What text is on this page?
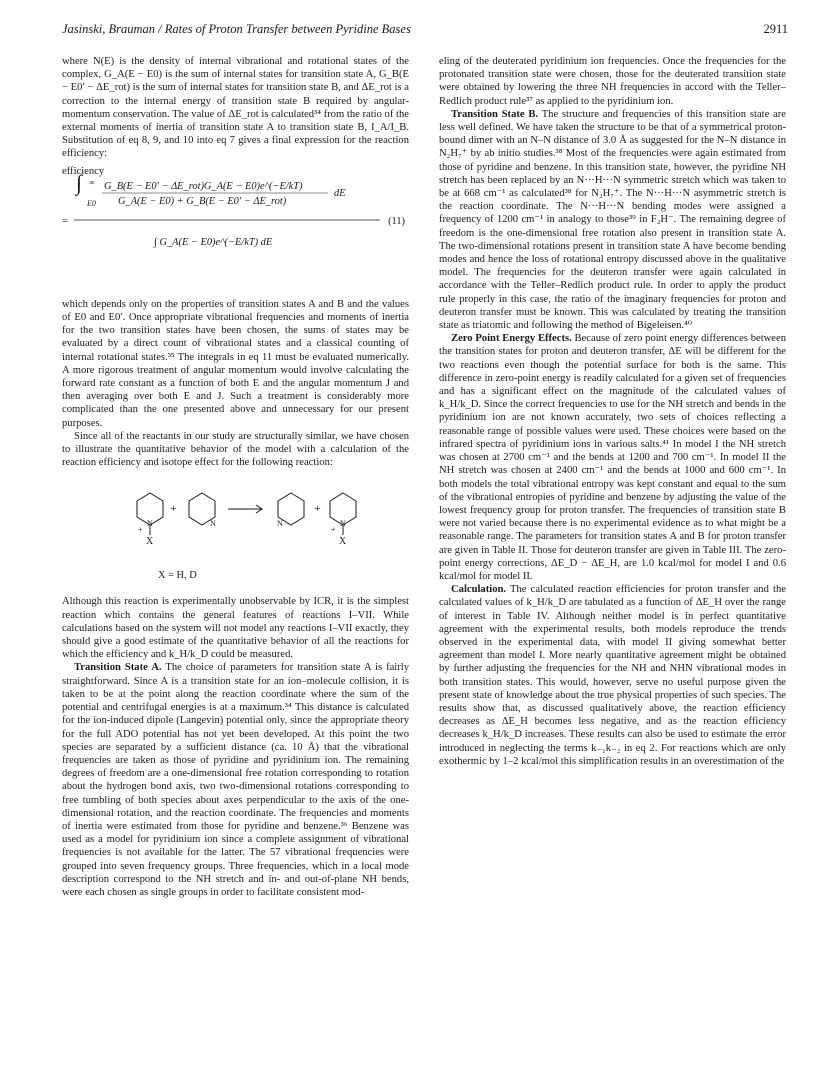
Jasinski, Brauman / Rates of Proton Transfer between Pyridine Bases	2911

where N(E) is the density of internal vibrational and rotational states of the complex, G_A(E − E0) is the sum of internal states for transition state A, G_B(E − E0′ − ΔE_rot) is the sum of internal states for transition state B, and ΔE_rot is a correction to the internal energy of transition state B required by angular-momentum conservation. The value of ΔE_rot is calculated³⁴ from the ratio of the external moments of inertia of transition state A to transition state B, I_A/I_B. Substitution of eq 8, 9, and 10 into eq 7 gives a final expression for the reaction efficiency:

efficiency
=
∫ ∞
E0
G_B(E − E0′ − ΔE_rot)G_A(E − E0)e^(−E/kT)
G_A(E − E0) + G_B(E − E0′ − ΔE_rot)
dE
∫ G_A(E − E0)e^(−E/kT) dE
(11)

which depends only on the properties of transition states A and B and the values of E0 and E0′. Once appropriate vibrational frequencies and moments of inertia for the two transition states have been chosen, the sums of states may be evaluated by a direct count of vibrational states and a classical counting of internal rotational states.³⁵ The integrals in eq 11 must be evaluated numerically. A more rigorous treatment of angular momentum would involve calculating the forward rate constant as a function of both E and the angular momentum J and then averaging over both E and J. Such a treatment is considerably more complicated than the one presented above and unnecessary for our present purposes.

Since all of the reactants in our study are structurally similar, we have chosen to illustrate the quantitative behavior of the model with a calculation of the reaction efficiency and isotope effect for the following reaction:

+	+
N	N	N	N
+	+
X	X
X = H, D

Although this reaction is experimentally unobservable by ICR, it is the simplest reaction which contains the general features of reactions I–VII. While calculations based on the system will not model any reactions I–VII exactly, they should give a good estimate of the quantitative behavior of all the reactions for which the efficiency and k_H/k_D could be measured.

Transition State A. The choice of parameters for transition state A is fairly straightforward. Since A is a transition state for an ion–molecule collision, it is taken to be at the point along the reaction coordinate where the sum of the potential and centrifugal energies is at a maximum.³⁴ This distance is calculated for the ion-induced dipole (Langevin) potential only, since the appropriate theory for the full ADO potential has not yet been developed. At this point the two species are separated by a sufficient distance (ca. 10 Å) that the vibrational frequencies are taken as those of pyridine and pyridinium ion. The remaining degrees of freedom are a one-dimensional free rotation corresponding to rotation about the hydrogen bond axis, two two-dimensional rotations corresponding to free tumbling of both species about axes perpendicular to the axis of the one-dimensional rotation, and the reaction coordinate. The frequencies and moments of inertia were estimated from those for pyridine and benzene.³⁶ Benzene was used as a model for pyridinium ion since a complete assignment of vibrational frequencies is not available for the latter. The 57 vibrational frequencies were grouped into seven frequency groups. Three frequencies, which in a local mode description correspond to the NH stretch and in- and out-of-plane NH bends, were each chosen as single groups in order to facilitate consistent mod-

eling of the deuterated pyridinium ion frequencies. Once the frequencies for the protonated transition state were chosen, those for the deuterated transition state were obtained by lowering the three NH frequencies in accord with the Teller–Redlich product rule³⁷ as applied to the pyridinium ion.

Transition State B. The structure and frequencies of this transition state are less well defined. We have taken the structure to be that of a symmetrical proton-bound dimer with an N–N distance of 3.0 Å as suggested for the N–N distance in N₂H₇⁺ by ab initio studies.³⁸ Most of the frequencies were again estimated from those of pyridine and benzene. In this transition state, however, the pyridine NH stretch has been replaced by an N···H···N symmetric stretch which was taken to be at 668 cm⁻¹ as calculated³⁸ for N₂H₇⁺. The N···H···N asymmetric stretch is the reaction coordinate. The N···H···N bending modes were assigned a frequency of 1200 cm⁻¹ in analogy to those³⁹ in F₂H⁻. The remaining degree of freedom is the one-dimensional free rotation also present in transition state A. The two-dimensional rotations present in transition state A have become bending modes and hence the loss of rotational entropy discussed above in the qualitative model. The frequencies for the deuteron transfer were again calculated in accordance with the Teller–Redlich product rule. In order to apply the product rule properly in this case, the ratio of the imaginary frequencies for proton and deuteron transfer must be known. This was calculated by treating the transition state as triatomic and following the method of Bigeleisen.⁴⁰

Zero Point Energy Effects. Because of zero point energy differences between the transition states for proton and deuteron transfer, ΔE will be different for the two reactions even though the potential surface for both is the same. This difference in zero-point energy is readily calculated for a given set of frequencies and has a significant effect on the magnitude of the calculated values of k_H/k_D. Since the correct frequencies to use for the NH stretch and bends in the pyridinium ion are not known accurately, two sets of choices reflecting a reasonable range of possible values were used. These choices were based on the infrared spectra of pyridinium ions in various salts.⁴¹ In model I the NH stretch was chosen at 2700 cm⁻¹ and the bends at 1200 and 700 cm⁻¹. In model II the NH stretch was chosen at 2400 cm⁻¹ and the bends at 1000 and 600 cm⁻¹. In both models the total vibrational entropy was kept constant and equal to the sum of the vibrational entropies of pyridine and benzene by adjusting the value of the lowest frequency group for proton transfer. The frequencies of transition state B were not varied because there is no experimental evidence as to what might be a reasonable range. The parameters for transition states A and B for proton transfer are given in Table II. Those for deuteron transfer are given in Table III. The zero-point energy corrections, ΔE_D − ΔE_H, are 1.0 kcal/mol for model I and 0.6 kcal/mol for model II.

Calculation. The calculated reaction efficiencies for proton transfer and the calculated values of k_H/k_D are tabulated as a function of ΔE_H over the range of interest in Table IV. Although neither model is in perfect quantitative agreement with the experimental results, both models reproduce the trends observed in the experimental data, with model II giving somewhat better agreement than model I. More nearly quantitative agreement might be obtained by further adjusting the frequencies for the NH and NHN vibrational modes in both transition states. This would, however, serve no useful purpose given the present state of knowledge about the true physical properties of such species. The results show that, as discussed qualitatively above, the reaction efficiency decreases as ΔE_H becomes less negative, and as the reaction efficiency decreases k_H/k_D increases. These results can also be used to estimate the error introduced in neglecting the terms k₋₁k₋₂ in eq 2. For reactions which are only exothermic by 1–2 kcal/mol this simplification results in an overestimation of the
